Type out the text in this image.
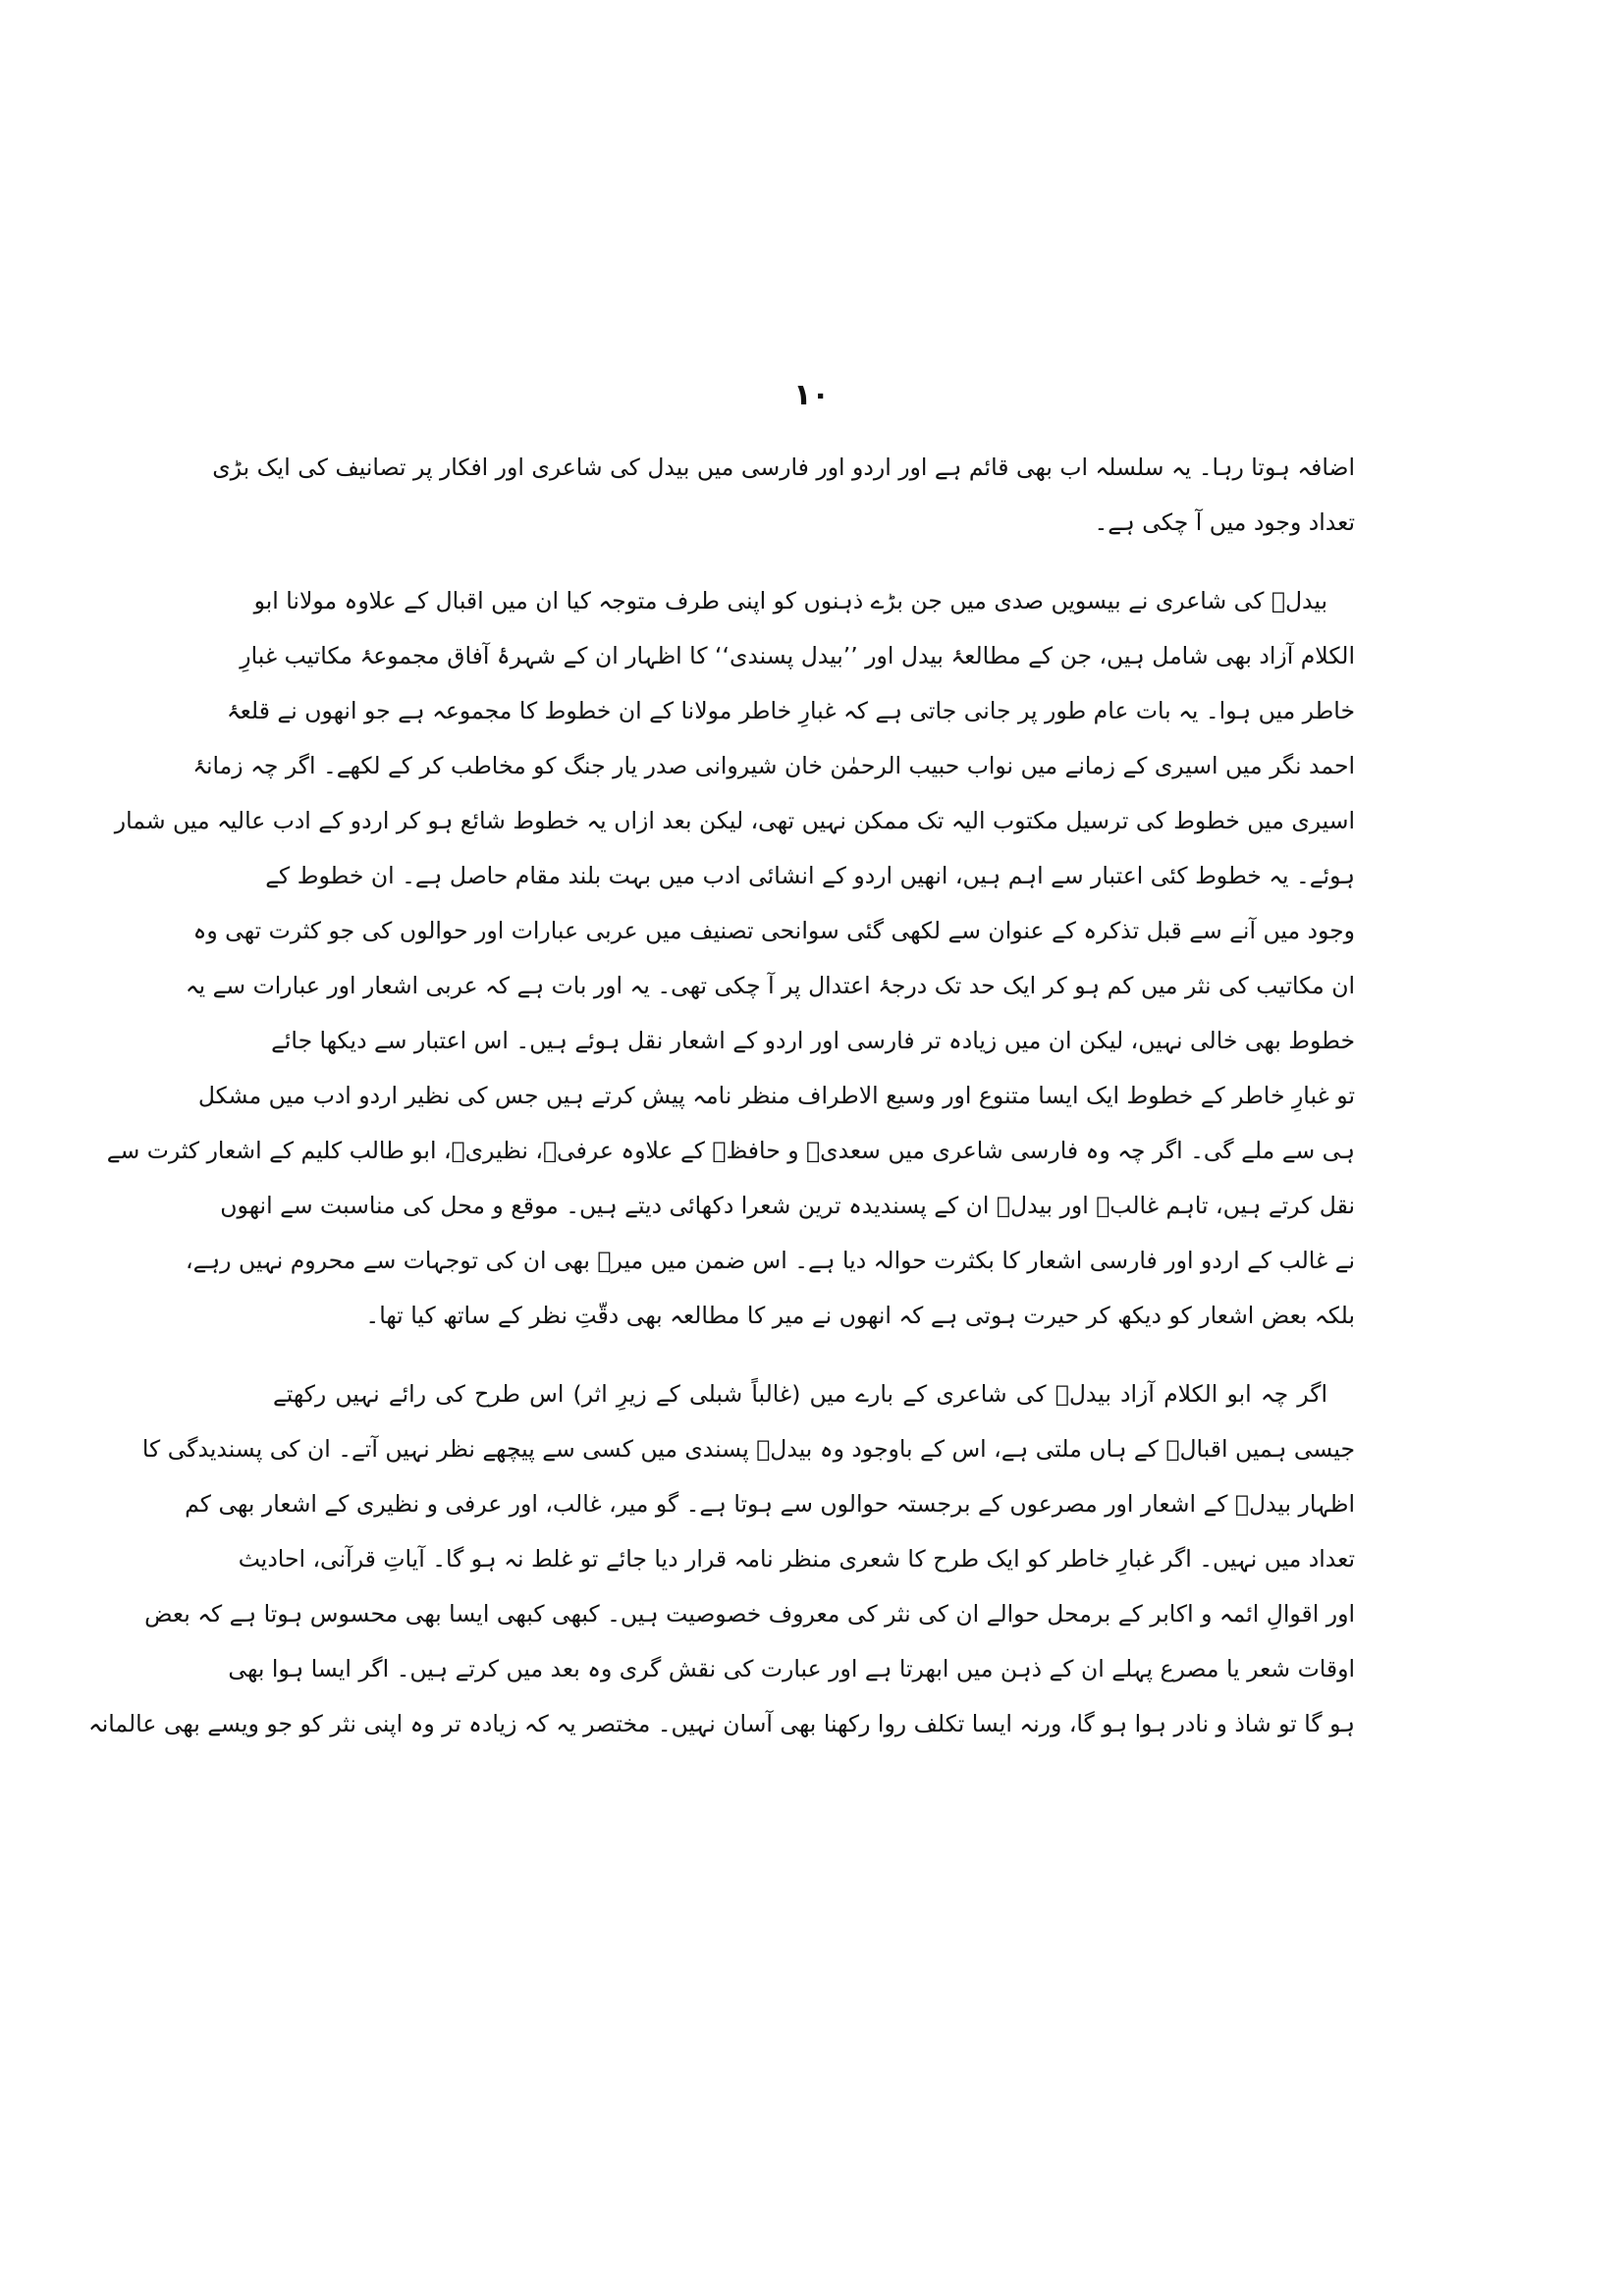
۱۰
اضافہ ہوتا رہا۔ یہ سلسلہ اب بھی قائم ہے اور اردو اور فارسی میں بیدل کی شاعری اور افکار پر تصانیف کی ایک بڑی
تعداد وجود میں آ چکی ہے۔
بیدلؔ کی شاعری نے بیسویں صدی میں جن بڑے ذہنوں کو اپنی طرف متوجہ کیا ان میں اقبال کے علاوہ مولانا ابو
الکلام آزاد بھی شامل ہیں، جن کے مطالعۂ بیدل اور ’’بیدل پسندی‘‘ کا اظہار ان کے شہرۂ آفاق مجموعۂ مکاتیب غبارِ
خاطر میں ہوا۔ یہ بات عام طور پر جانی جاتی ہے کہ غبارِ خاطر مولانا کے ان خطوط کا مجموعہ ہے جو انھوں نے قلعۂ
احمد نگر میں اسیری کے زمانے میں نواب حبیب الرحمٰن خان شیروانی صدر یار جنگ کو مخاطب کر کے لکھے۔ اگر چہ زمانۂ
اسیری میں خطوط کی ترسیل مکتوب الیہ تک ممکن نہیں تھی، لیکن بعد ازاں یہ خطوط شائع ہو کر اردو کے ادب عالیہ میں شمار
ہوئے۔ یہ خطوط کئی اعتبار سے اہم ہیں، انھیں اردو کے انشائی ادب میں بہت بلند مقام حاصل ہے۔ ان خطوط کے
وجود میں آنے سے قبل تذکرہ کے عنوان سے لکھی گئی سوانحی تصنیف میں عربی عبارات اور حوالوں کی جو کثرت تھی وہ
ان مکاتیب کی نثر میں کم ہو کر ایک حد تک درجۂ اعتدال پر آ چکی تھی۔ یہ اور بات ہے کہ عربی اشعار اور عبارات سے یہ
خطوط بھی خالی نہیں، لیکن ان میں زیادہ تر فارسی اور اردو کے اشعار نقل ہوئے ہیں۔ اس اعتبار سے دیکھا جائے
تو غبارِ خاطر کے خطوط ایک ایسا متنوع اور وسیع الاطراف منظر نامہ پیش کرتے ہیں جس کی نظیر اردو ادب میں مشکل
ہی سے ملے گی۔ اگر چہ وہ فارسی شاعری میں سعدیؔ و حافظؔ کے علاوہ عرفیؔ، نظیریؔ، ابو طالب کلیم کے اشعار کثرت سے
نقل کرتے ہیں، تاہم غالبؔ اور بیدلؔ ان کے پسندیدہ ترین شعرا دکھائی دیتے ہیں۔ موقع و محل کی مناسبت سے انھوں
نے غالب کے اردو اور فارسی اشعار کا بکثرت حوالہ دیا ہے۔ اس ضمن میں میرؔ بھی ان کی توجہات سے محروم نہیں رہے،
بلکہ بعض اشعار کو دیکھ کر حیرت ہوتی ہے کہ انھوں نے میر کا مطالعہ بھی دقّتِ نظر کے ساتھ کیا تھا۔
اگر چہ ابو الکلام آزاد بیدلؔ کی شاعری کے بارے میں (غالباً شبلی کے زیرِ اثر) اس طرح کی رائے نہیں رکھتے
جیسی ہمیں اقبالؔ کے ہاں ملتی ہے، اس کے باوجود وہ بیدلؔ پسندی میں کسی سے پیچھے نظر نہیں آتے۔ ان کی پسندیدگی کا
اظہار بیدلؔ کے اشعار اور مصرعوں کے برجستہ حوالوں سے ہوتا ہے۔ گو میر، غالب، اور عرفی و نظیری کے اشعار بھی کم
تعداد میں نہیں۔ اگر غبارِ خاطر کو ایک طرح کا شعری منظر نامہ قرار دیا جائے تو غلط نہ ہو گا۔ آیاتِ قرآنی، احادیث
اور اقوالِ ائمہ و اکابر کے برمحل حوالے ان کی نثر کی معروف خصوصیت ہیں۔ کبھی کبھی ایسا بھی محسوس ہوتا ہے کہ بعض
اوقات شعر یا مصرع پہلے ان کے ذہن میں ابھرتا ہے اور عبارت کی نقش گری وہ بعد میں کرتے ہیں۔ اگر ایسا ہوا بھی
ہو گا تو شاذ و نادر ہوا ہو گا، ورنہ ایسا تکلف روا رکھنا بھی آسان نہیں۔ مختصر یہ کہ زیادہ تر وہ اپنی نثر کو جو ویسے بھی عالمانہ
